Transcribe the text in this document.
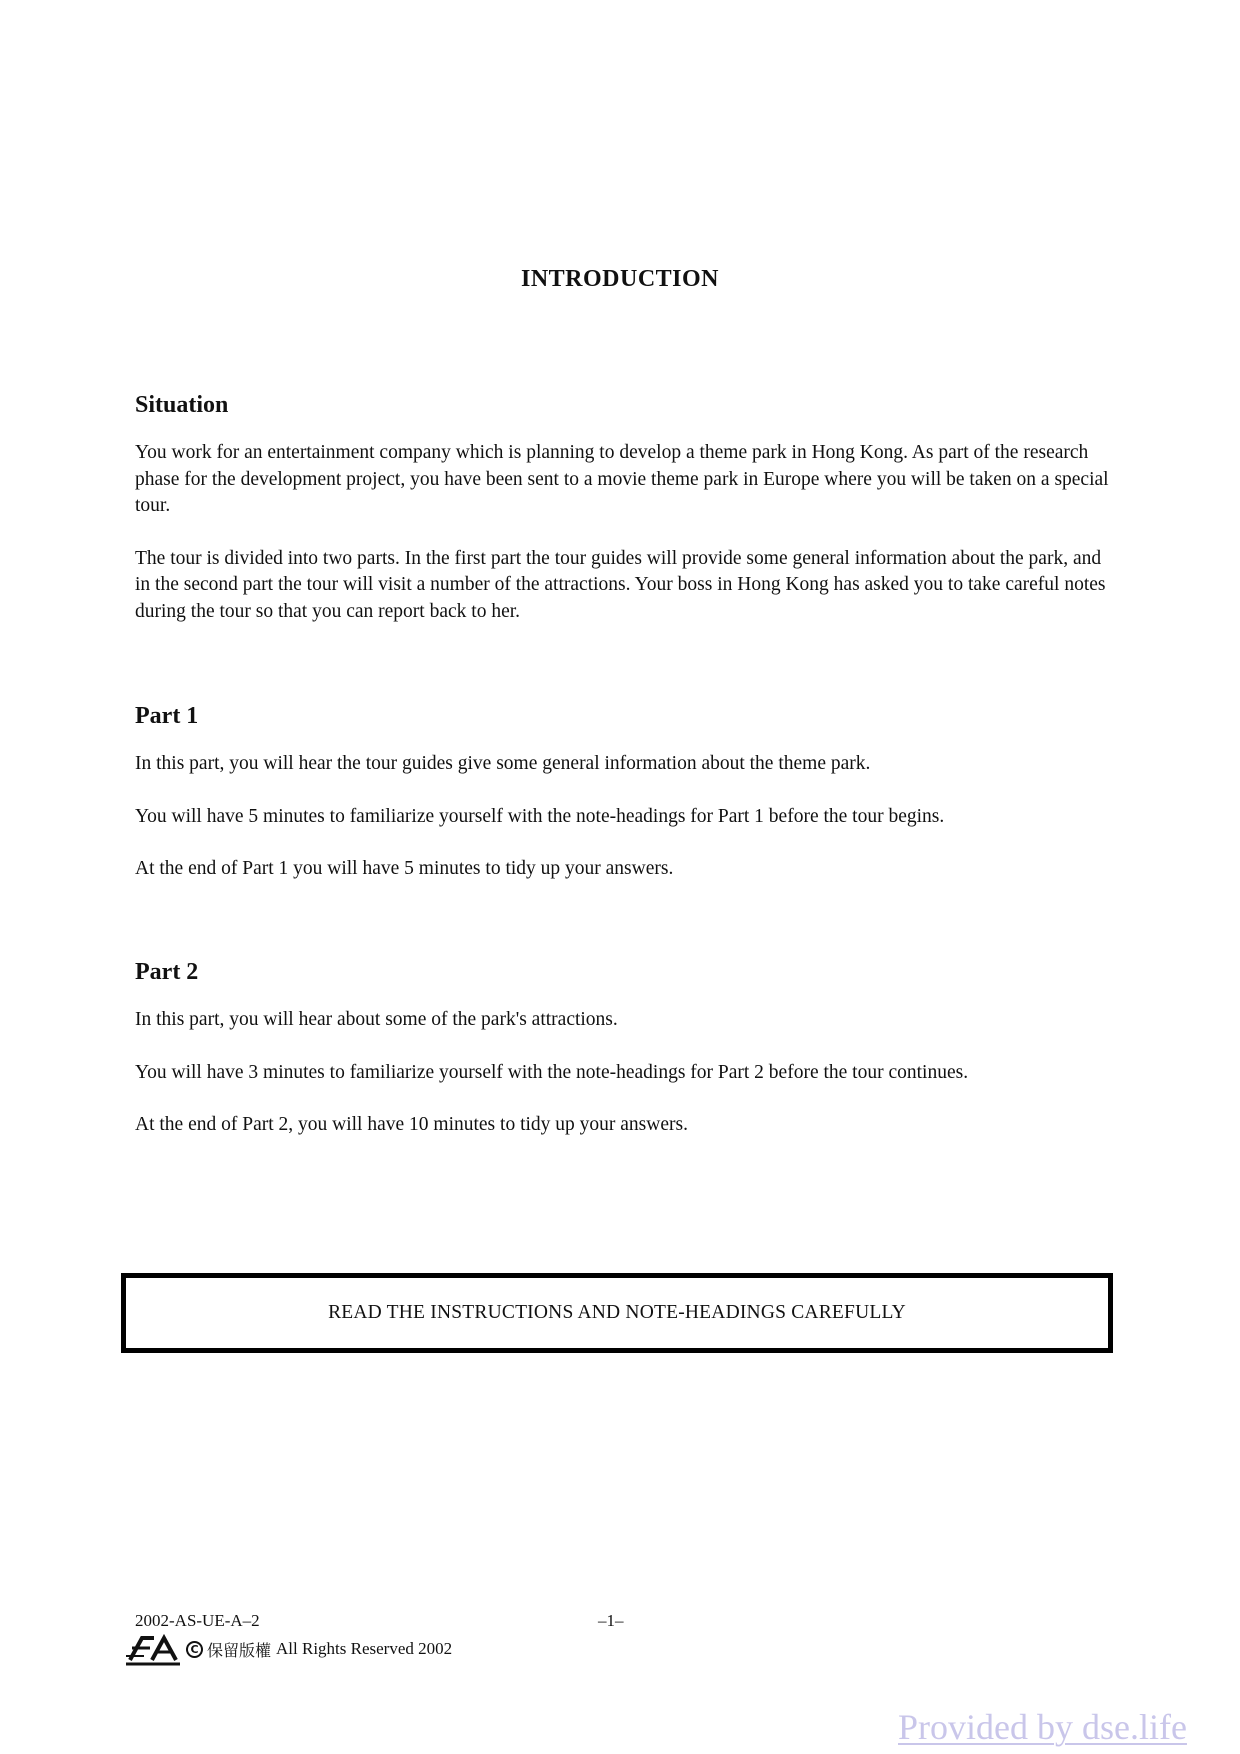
INTRODUCTION
Situation

You work for an entertainment company which is planning to develop a theme park in Hong Kong. As part of the research phase for the development project, you have been sent to a movie theme park in Europe where you will be taken on a special tour.

The tour is divided into two parts. In the first part the tour guides will provide some general information about the park, and in the second part the tour will visit a number of the attractions. Your boss in Hong Kong has asked you to take careful notes during the tour so that you can report back to her.

Part 1

In this part, you will hear the tour guides give some general information about the theme park.

You will have 5 minutes to familiarize yourself with the note-headings for Part 1 before the tour begins.

At the end of Part 1 you will have 5 minutes to tidy up your answers.

Part 2

In this part, you will hear about some of the park's attractions.

You will have 3 minutes to familiarize yourself with the note-headings for Part 2 before the tour continues.

At the end of Part 2, you will have 10 minutes to tidy up your answers.

READ THE INSTRUCTIONS AND NOTE-HEADINGS CAREFULLY
2002-AS-UE-A–2	–1–
C 保留版權 All Rights Reserved 2002
Provided by dse.life
